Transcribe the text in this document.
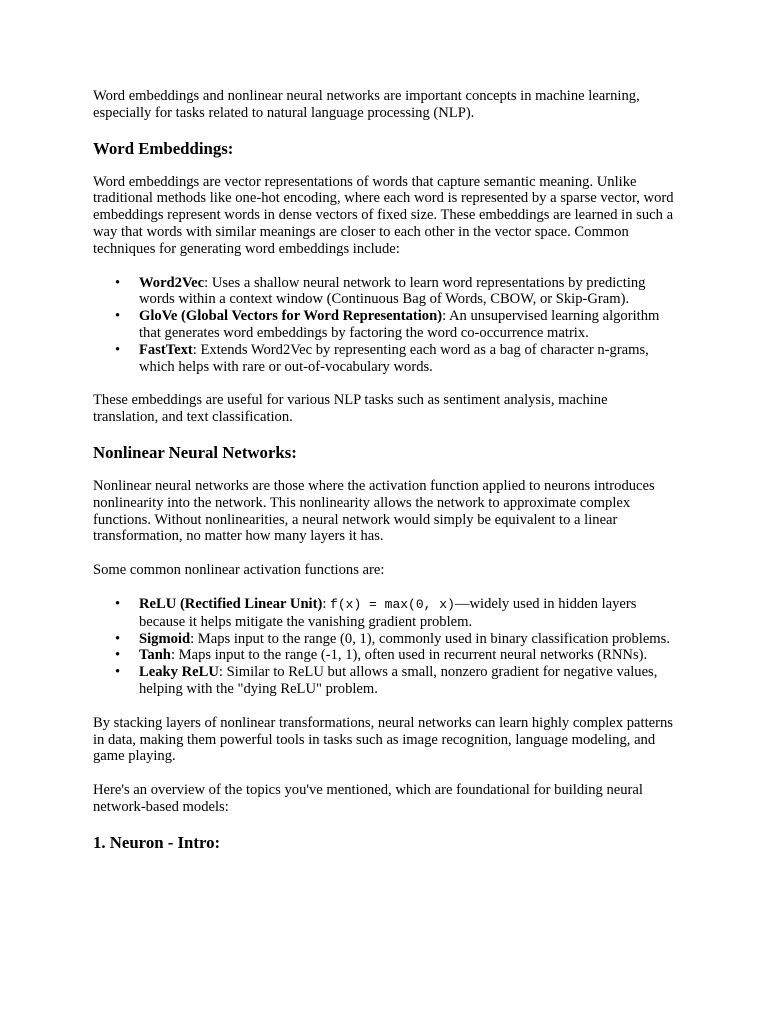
Word embeddings and nonlinear neural networks are important concepts in machine learning, especially for tasks related to natural language processing (NLP).

Word Embeddings:

Word embeddings are vector representations of words that capture semantic meaning. Unlike traditional methods like one-hot encoding, where each word is represented by a sparse vector, word embeddings represent words in dense vectors of fixed size. These embeddings are learned in such a way that words with similar meanings are closer to each other in the vector space. Common techniques for generating word embeddings include:

• Word2Vec: Uses a shallow neural network to learn word representations by predicting words within a context window (Continuous Bag of Words, CBOW, or Skip-Gram).
• GloVe (Global Vectors for Word Representation): An unsupervised learning algorithm that generates word embeddings by factoring the word co-occurrence matrix.
• FastText: Extends Word2Vec by representing each word as a bag of character n-grams, which helps with rare or out-of-vocabulary words.

These embeddings are useful for various NLP tasks such as sentiment analysis, machine translation, and text classification.

Nonlinear Neural Networks:

Nonlinear neural networks are those where the activation function applied to neurons introduces nonlinearity into the network. This nonlinearity allows the network to approximate complex functions. Without nonlinearities, a neural network would simply be equivalent to a linear transformation, no matter how many layers it has.

Some common nonlinear activation functions are:

• ReLU (Rectified Linear Unit): f(x) = max(0, x)—widely used in hidden layers because it helps mitigate the vanishing gradient problem.
• Sigmoid: Maps input to the range (0, 1), commonly used in binary classification problems.
• Tanh: Maps input to the range (-1, 1), often used in recurrent neural networks (RNNs).
• Leaky ReLU: Similar to ReLU but allows a small, nonzero gradient for negative values, helping with the "dying ReLU" problem.

By stacking layers of nonlinear transformations, neural networks can learn highly complex patterns in data, making them powerful tools in tasks such as image recognition, language modeling, and game playing.

Here's an overview of the topics you've mentioned, which are foundational for building neural network-based models:

1. Neuron - Intro:
